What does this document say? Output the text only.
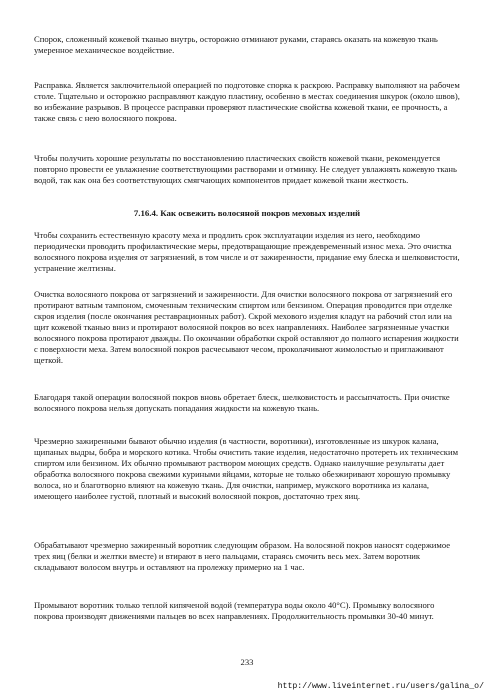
Спорок, сложенный кожевой тканью внутрь, осторожно отминают руками, стараясь оказать на кожевую ткань умеренное механическое воздействие.

Расправка. Является заключительной операцией по подготовке спорка к раскрою. Расправку выполняют на рабочем столе. Тщательно и осторожно расправляют каждую пластину, особенно в местах соединения шкурок (около швов), во избежание разрывов. В процессе расправки проверяют пластические свойства кожевой ткани, ее прочность, а также связь с нею волосяного покрова.

Чтобы получить хорошие результаты по восстановлению пластических свойств кожевой ткани, рекомендуется повторно провести ее увлажнение соответствующими растворами и отминку. Не следует увлажнять кожевую ткань водой, так как она без соответствующих смягчающих компонентов придает кожевой ткани жесткость.

7.16.4. Как освежить волосяной покров меховых изделий

Чтобы сохранить естественную красоту меха и продлить срок эксплуатации изделия из него, необходимо периодически проводить профилактические меры, предотвращающие преждевременный износ меха. Это очистка волосяного покрова изделия от загрязнений, в том числе и от зажиренности, придание ему блеска и шелковистости, устранение желтизны.

Очистка волосяного покрова от загрязнений и зажиренности. Для очистки волосяного покрова от загрязнений его протирают ватным тампоном, смоченным техническим спиртом или бензином. Операция проводится при отделке скроя изделия (после окончания реставрационных работ). Скрой мехового изделия кладут на рабочий стол или на щит кожевой тканью вниз и протирают волосяной покров во всех направлениях. Наиболее загрязненные участки волосяного покрова протирают дважды. По окончании обработки скрой оставляют до полного испарения жидкости с поверхности меха. Затем волосяной покров расчесывают чесом, проколачивают жимолостью и приглаживают щеткой.

Благодаря такой операции волосяной покров вновь обретает блеск, шелковистость и рассыпчатость. При очистке волосяного покрова нельзя допускать попадания жидкости на кожевую ткань.

Чрезмерно зажиренными бывают обычно изделия (в частности, воротники), изготовленные из шкурок калана, щипаных выдры, бобра и морского котика. Чтобы очистить такие изделия, недостаточно протереть их техническим спиртом или бензином. Их обычно промывают раствором моющих средств. Однако наилучшие результаты дает обработка волосяного покрова свежими куриными яйцами, которые не только обезжиривают хорошую промывку волоса, но и благотворно влияют на кожевую ткань. Для очистки, например, мужского воротника из калана, имеющего наиболее густой, плотный и высокий волосяной покров, достаточно трех яиц.

Обрабатывают чрезмерно зажиренный воротник следующим образом. На волосяной покров наносят содержимое трех яиц (белки и желтки вместе) и втирают в него пальцами, стараясь смочить весь мех. Затем воротник складывают волосом внутрь и оставляют на пролежку примерно на 1 час.

Промывают воротник только теплой кипяченой водой (температура воды около 40°С). Промывку волосяного покрова производят движениями пальцев во всех направлениях. Продолжительность промывки 30-40 минут.

233
http://www.liveinternet.ru/users/galina_o/
